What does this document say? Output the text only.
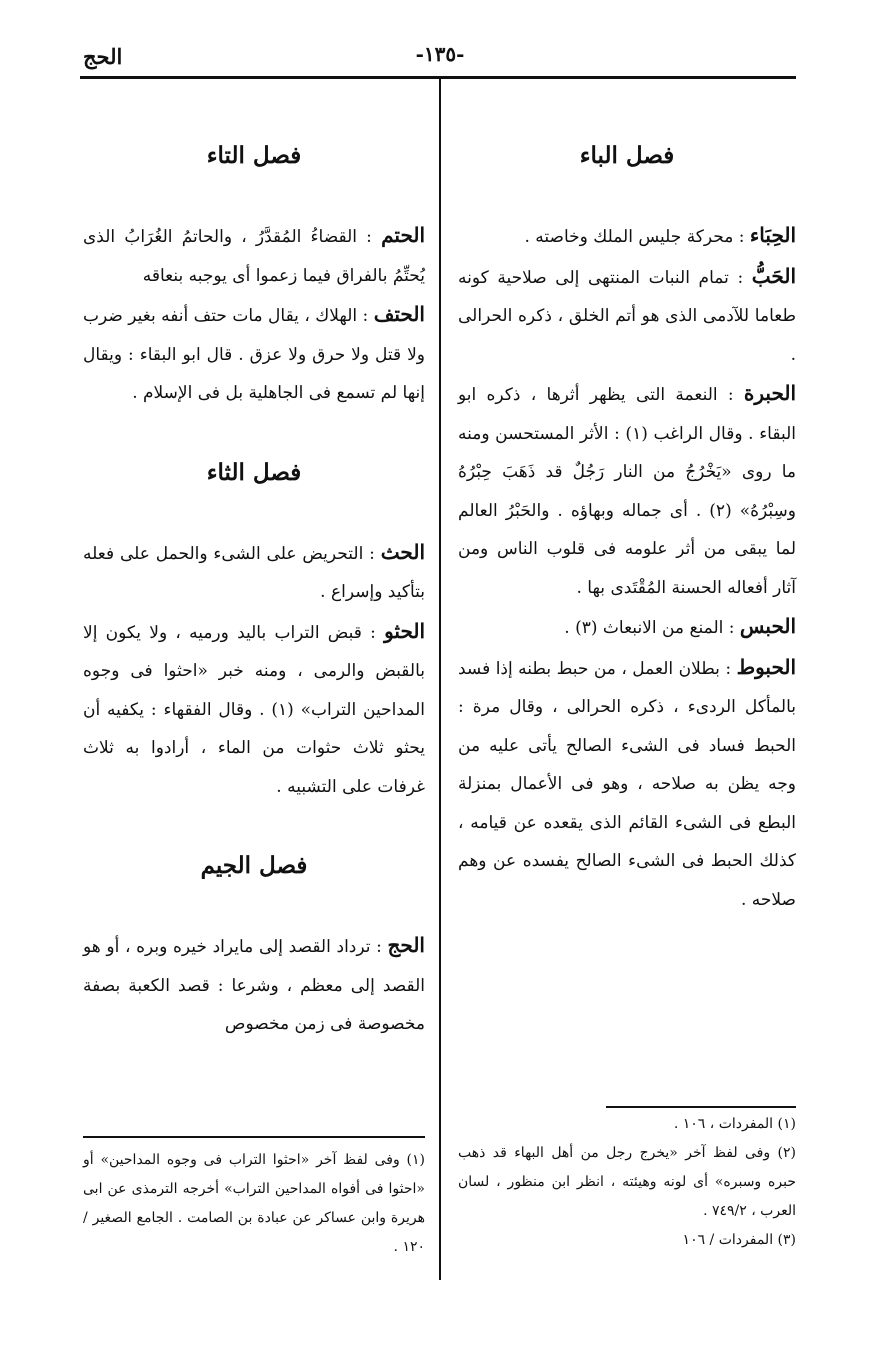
الحج	-١٣٥-
فصل الباء

الحِبَاء : محركة جليس الملك وخاصته .

الحَبُّ : تمام النبات المنتهى إلى صلاحية كونه طعاما للآدمى الذى هو أتم الخلق ، ذكره الحرالى .

الحبرة : النعمة التى يظهر أثرها ، ذكره ابو البقاء . وقال الراغب (١) : الأثر المستحسن ومنه ما روى «يَخْرُجُ من النار رَجُلٌ قد ذَهَبَ حِبْرُهُ وسِبْرُهُ» (٢) . أى جماله وبهاؤه . والحَبْرُ العالم لما يبقى من أثر علومه فى قلوب الناس ومن آثار أفعاله الحسنة المُقْتَدى بها .

الحبس : المنع من الانبعاث (٣) .

الحبوط : بطلان العمل ، من حبط بطنه إذا فسد بالمأكل الردىء ، ذكره الحرالى ، وقال مرة : الحبط فساد فى الشىء الصالح يأتى عليه من وجه يظن به صلاحه ، وهو فى الأعمال بمنزلة البطع فى الشىء القائم الذى يقعده عن قيامه ، كذلك الحبط فى الشىء الصالح يفسده عن وهم صلاحه .

(١) المفردات ، ١٠٦ .

(٢) وفى لفظ آخر «يخرج رجل من أهل البهاء قد ذهب حبره وسبره» أى لونه وهيئته ، انظر ابن منظور ، لسان العرب ، ٧٤٩/٢ .

(٣) المفردات / ١٠٦

فصل التاء

الحتم : القضاءُ المُقدَّرُ ، والحاتمُ الغُرَابُ الذى يُحتِّمُ بالفراق فيما زعموا أى يوجبه بنعاقه

الحتف : الهلاك ، يقال مات حتف أنفه بغير ضرب ولا قتل ولا حرق ولا عزق . قال ابو البقاء : ويقال إنها لم تسمع فى الجاهلية بل فى الإسلام .

فصل الثاء

الحث : التحريض على الشىء والحمل على فعله بتأكيد وإسراع .

الحثو : قبض التراب باليد ورميه ، ولا يكون إلا بالقبض والرمى ، ومنه خبر «احثوا فى وجوه المداحين التراب» (١) . وقال الفقهاء : يكفيه أن يحثو ثلاث حثوات من الماء ، أرادوا به ثلاث غرفات على التشبيه .

فصل الجيم

الحج : ترداد القصد إلى مايراد خيره وبره ، أو هو القصد إلى معظم ، وشرعا : قصد الكعبة بصفة مخصوصة فى زمن مخصوص

(١) وفى لفظ آخر «احثوا التراب فى وجوه المداحين» أو «احثوا فى أفواه المداحين التراب» أخرجه الترمذى عن ابى هريرة وابن عساكر عن عبادة بن الصامت . الجامع الصغير / ١٢٠ .
